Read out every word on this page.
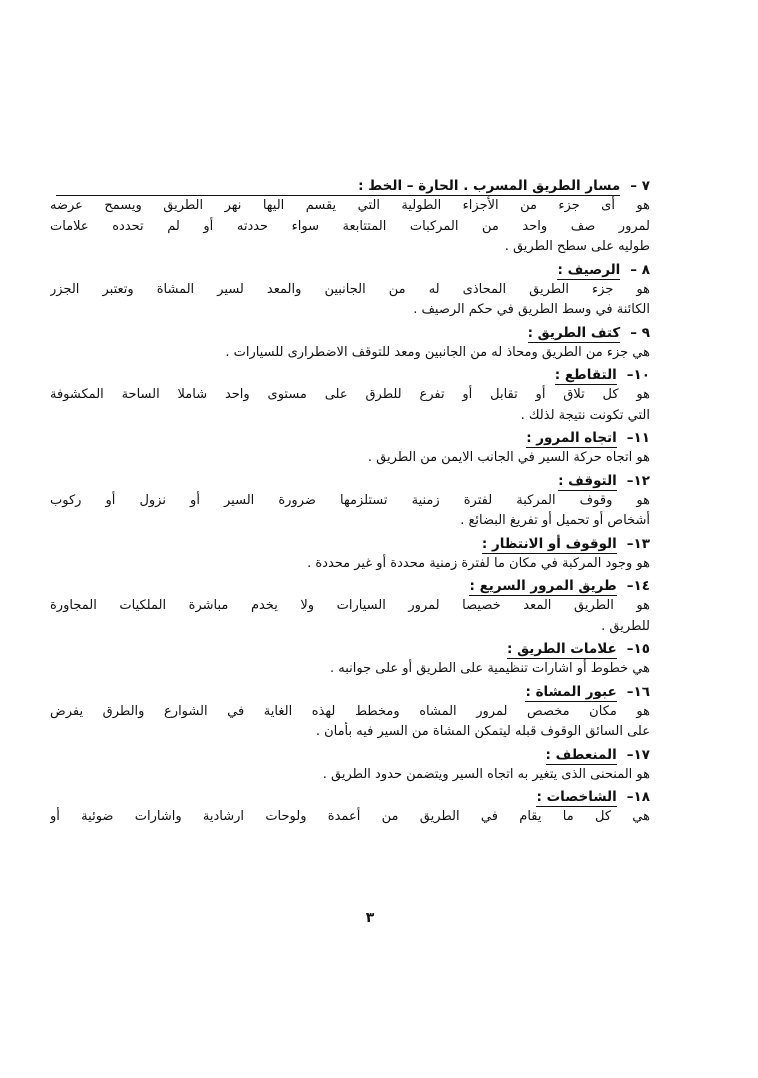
٧ –
مسار الطريق المسرب . الحارة – الخط :
هو أى جزء من الأجزاء الطولية التي يقسم اليها نهر الطريق ويسمح عرضه
لمرور صف واحد من المركبات المتتابعة سواء حددته أو لم تحدده علامات
طوليه على سطح الطريق .
٨ –
الرصيف :
هو جزء الطريق المحاذى له من الجانبين والمعد لسير المشاة وتعتبر الجزر
الكائنة في وسط الطريق في حكم الرصيف .
٩ –
كتف الطريق :
هي جزء من الطريق ومحاذ له من الجانبين ومعد للتوقف الاضطرارى للسيارات .
١٠–
التقاطع :
هو كل تلاق أو تقابل أو تفرع للطرق على مستوى واحد شاملا الساحة المكشوفة
التي تكونت نتيجة لذلك .
١١–
اتجاه المرور :
هو اتجاه حركة السير في الجانب الايمن من الطريق .
١٢–
التوقف :
هو وقوف المركبة لفترة زمنية تستلزمها ضرورة السير أو نزول أو ركوب
أشخاص أو تحميل أو تفريغ البضائع .
١٣–
الوقوف أو الانتظار :
هو وجود المركبة في مكان ما لفترة زمنية محددة أو غير محددة .
١٤–
طريق المرور السريع :
هو الطريق المعد خصيصا لمرور السيارات ولا يخدم مباشرة الملكيات المجاورة
للطريق .
١٥–
علامات الطريق :
هي خطوط أو اشارات تنظيمية على الطريق أو على جوانبه .
١٦–
عبور المشاة :
هو مكان مخصص لمرور المشاه ومخطط لهذه الغاية في الشوارع والطرق يفرض
على السائق الوقوف قبله ليتمكن المشاة من السير فيه بأمان .
١٧–
المنعطف :
هو المنحنى الذى يتغير به اتجاه السير ويتضمن حدود الطريق .
١٨–
الشاخصات :
هي كل ما يقام في الطريق من أعمدة ولوحات ارشادية واشارات ضوئية أو
٣
